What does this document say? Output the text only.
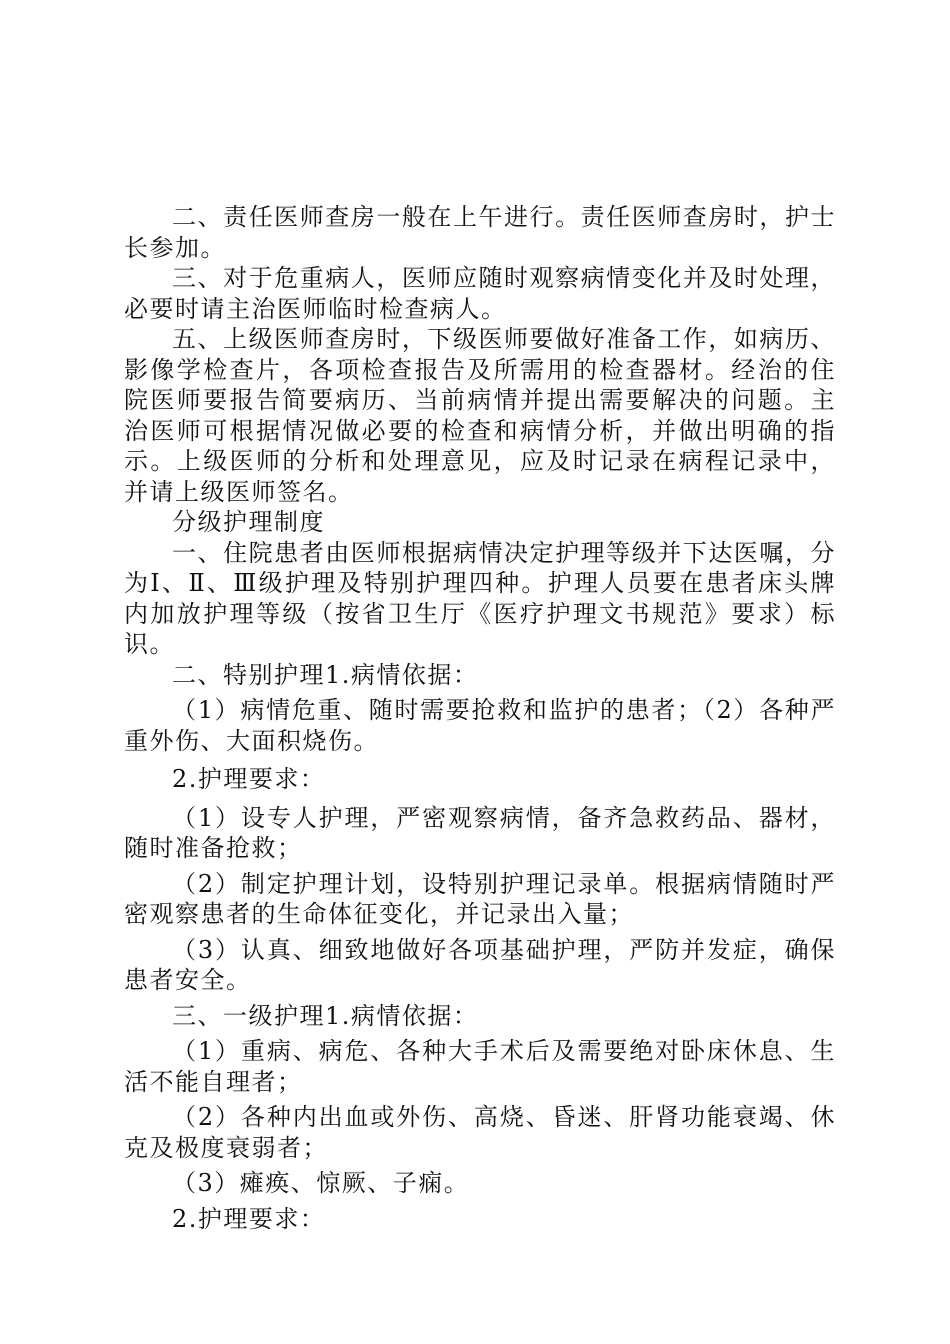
二、责任医师查房一般在上午进行。责任医师查房时，护士长参加。

三、对于危重病人，医师应随时观察病情变化并及时处理，必要时请主治医师临时检查病人。

五、上级医师查房时，下级医师要做好准备工作，如病历、影像学检查片，各项检查报告及所需用的检查器材。经治的住院医师要报告简要病历、当前病情并提出需要解决的问题。主治医师可根据情况做必要的检查和病情分析，并做出明确的指示。上级医师的分析和处理意见，应及时记录在病程记录中，并请上级医师签名。

分级护理制度

一、住院患者由医师根据病情决定护理等级并下达医嘱，分为Ⅰ、Ⅱ、Ⅲ级护理及特别护理四种。护理人员要在患者床头牌内加放护理等级（按省卫生厅《医疗护理文书规范》要求）标识。

二、特别护理1.病情依据：

（1）病情危重、随时需要抢救和监护的患者；（2）各种严重外伤、大面积烧伤。

2.护理要求：

（1）设专人护理，严密观察病情，备齐急救药品、器材，随时准备抢救；

（2）制定护理计划，设特别护理记录单。根据病情随时严密观察患者的生命体征变化，并记录出入量；

（3）认真、细致地做好各项基础护理，严防并发症，确保患者安全。

三、一级护理1.病情依据：

（1）重病、病危、各种大手术后及需要绝对卧床休息、生活不能自理者；

（2）各种内出血或外伤、高烧、昏迷、肝肾功能衰竭、休克及极度衰弱者；

（3）瘫痪、惊厥、子痫。

2.护理要求：
